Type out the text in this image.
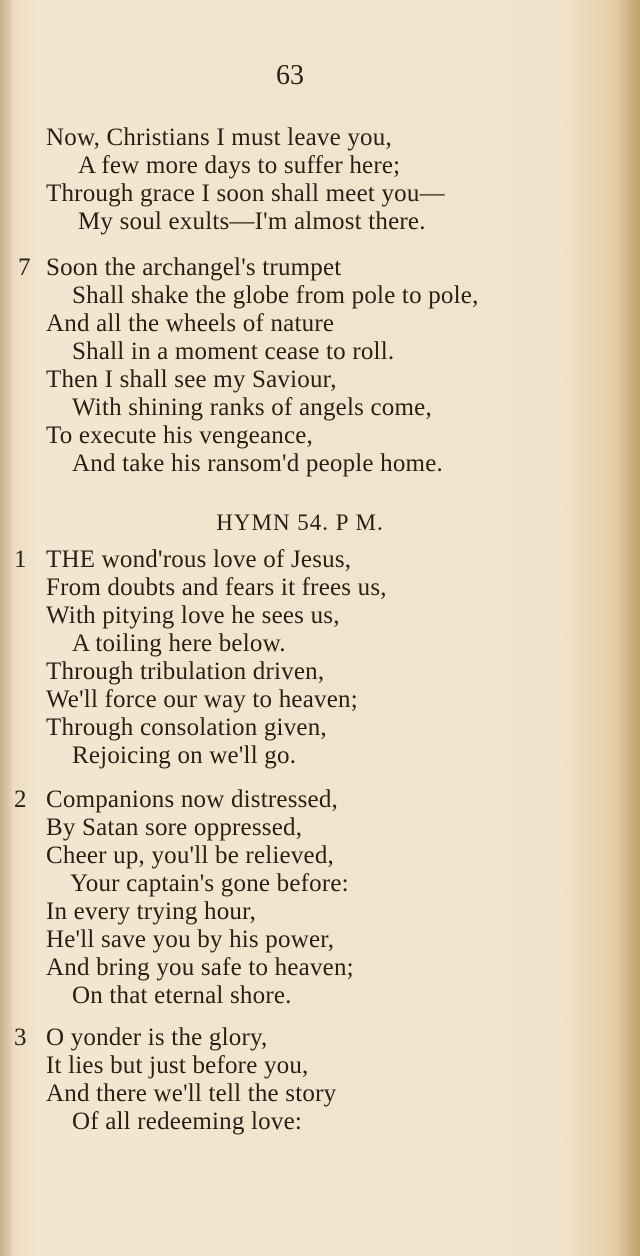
63
Now, Christians I must leave you,
A few more days to suffer here;
Through grace I soon shall meet you—
My soul exults—I'm almost there.
7 Soon the archangel's trumpet
Shall shake the globe from pole to pole,
And all the wheels of nature
Shall in a moment cease to roll.
Then I shall see my Saviour,
With shining ranks of angels come,
To execute his vengeance,
And take his ransom'd people home.
HYMN 54. P M.
1 THE wond'rous love of Jesus,
From doubts and fears it frees us,
With pitying love he sees us,
A toiling here below.
Through tribulation driven,
We'll force our way to heaven;
Through consolation given,
Rejoicing on we'll go.
2 Companions now distressed,
By Satan sore oppressed,
Cheer up, you'll be relieved,
Your captain's gone before:
In every trying hour,
He'll save you by his power,
And bring you safe to heaven;
On that eternal shore.
3 O yonder is the glory,
It lies but just before you,
And there we'll tell the story
Of all redeeming love:
